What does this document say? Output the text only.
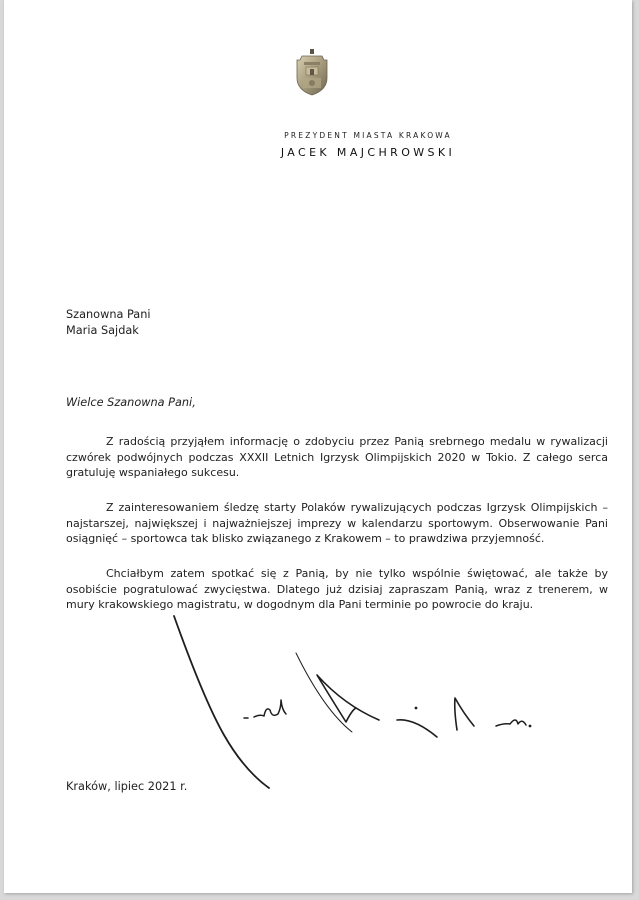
PREZYDENT MIASTA KRAKOWA
JACEK MAJCHROWSKI
Szanowna Pani
Maria Sajdak
Wielce Szanowna Pani,

Z radością przyjąłem informację o zdobyciu przez Panią srebrnego medalu w rywalizacji czwórek podwójnych podczas XXXII Letnich Igrzysk Olimpijskich 2020 w Tokio. Z całego serca gratuluję wspaniałego sukcesu.

Z zainteresowaniem śledzę starty Polaków rywalizujących podczas Igrzysk Olimpijskich – najstarszej, największej i najważniejszej imprezy w kalendarzu sportowym. Obserwowanie Pani osiągnięć – sportowca tak blisko związanego z Krakowem – to prawdziwa przyjemność.

Chciałbym zatem spotkać się z Panią, by nie tylko wspólnie świętować, ale także by osobiście pogratulować zwycięstwa. Dlatego już dzisiaj zapraszam Panią, wraz z trenerem, w mury krakowskiego magistratu, w dogodnym dla Pani terminie po powrocie do kraju.

Kraków, lipiec 2021 r.
